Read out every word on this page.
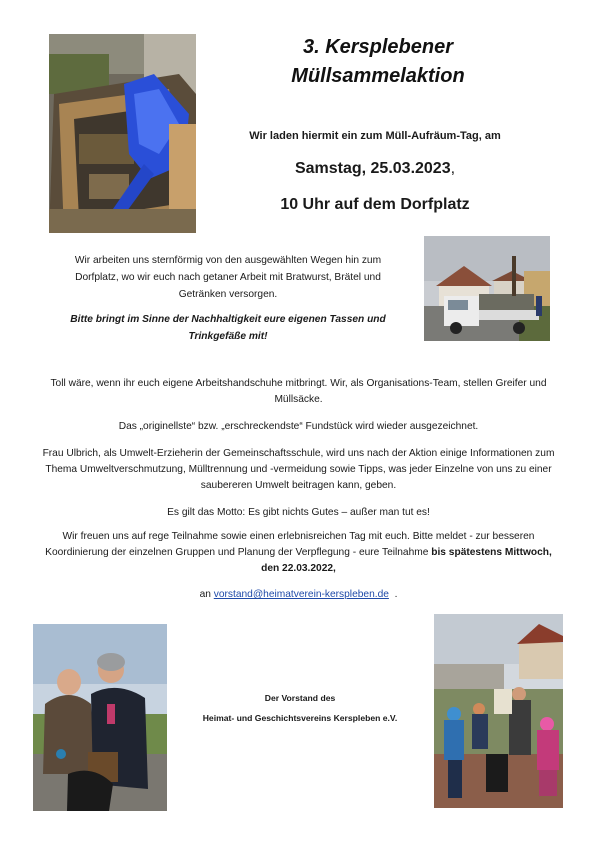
3. Kersplebener
Müllsammelaktion
Wir laden hiermit ein zum Müll-Aufräum-Tag, am
Samstag, 25.03.2023,
10 Uhr auf dem Dorfplatz
Wir arbeiten uns sternförmig von den ausgewählten Wegen hin zum Dorfplatz, wo wir euch nach getaner Arbeit mit Bratwurst, Brätel und Getränken versorgen.
Bitte bringt im Sinne der Nachhaltigkeit eure eigenen Tassen und Trinkgefäße mit!
Toll wäre, wenn ihr euch eigene Arbeitshandschuhe mitbringt. Wir, als Organisations-Team, stellen Greifer und Müllsäcke.
Das „originellste“ bzw. „erschreckendste“ Fundstück wird wieder ausgezeichnet.
Frau Ulbrich, als Umwelt-Erzieherin der Gemeinschaftsschule, wird uns nach der Aktion einige Informationen zum Thema Umweltverschmutzung, Mülltrennung und -vermeidung sowie Tipps, was jeder Einzelne von uns zu einer saubereren Umwelt beitragen kann, geben.
Es gilt das Motto: Es gibt nichts Gutes – außer man tut es!
Wir freuen uns auf rege Teilnahme sowie einen erlebnisreichen Tag mit euch. Bitte meldet - zur besseren Koordinierung der einzelnen Gruppen und Planung der Verpflegung - eure Teilnahme bis spätestens Mittwoch, den 22.03.2022,
an vorstand@heimatverein-kerspleben.de .
Der Vorstand des
Heimat- und Geschichtsvereins Kerspleben e.V.
